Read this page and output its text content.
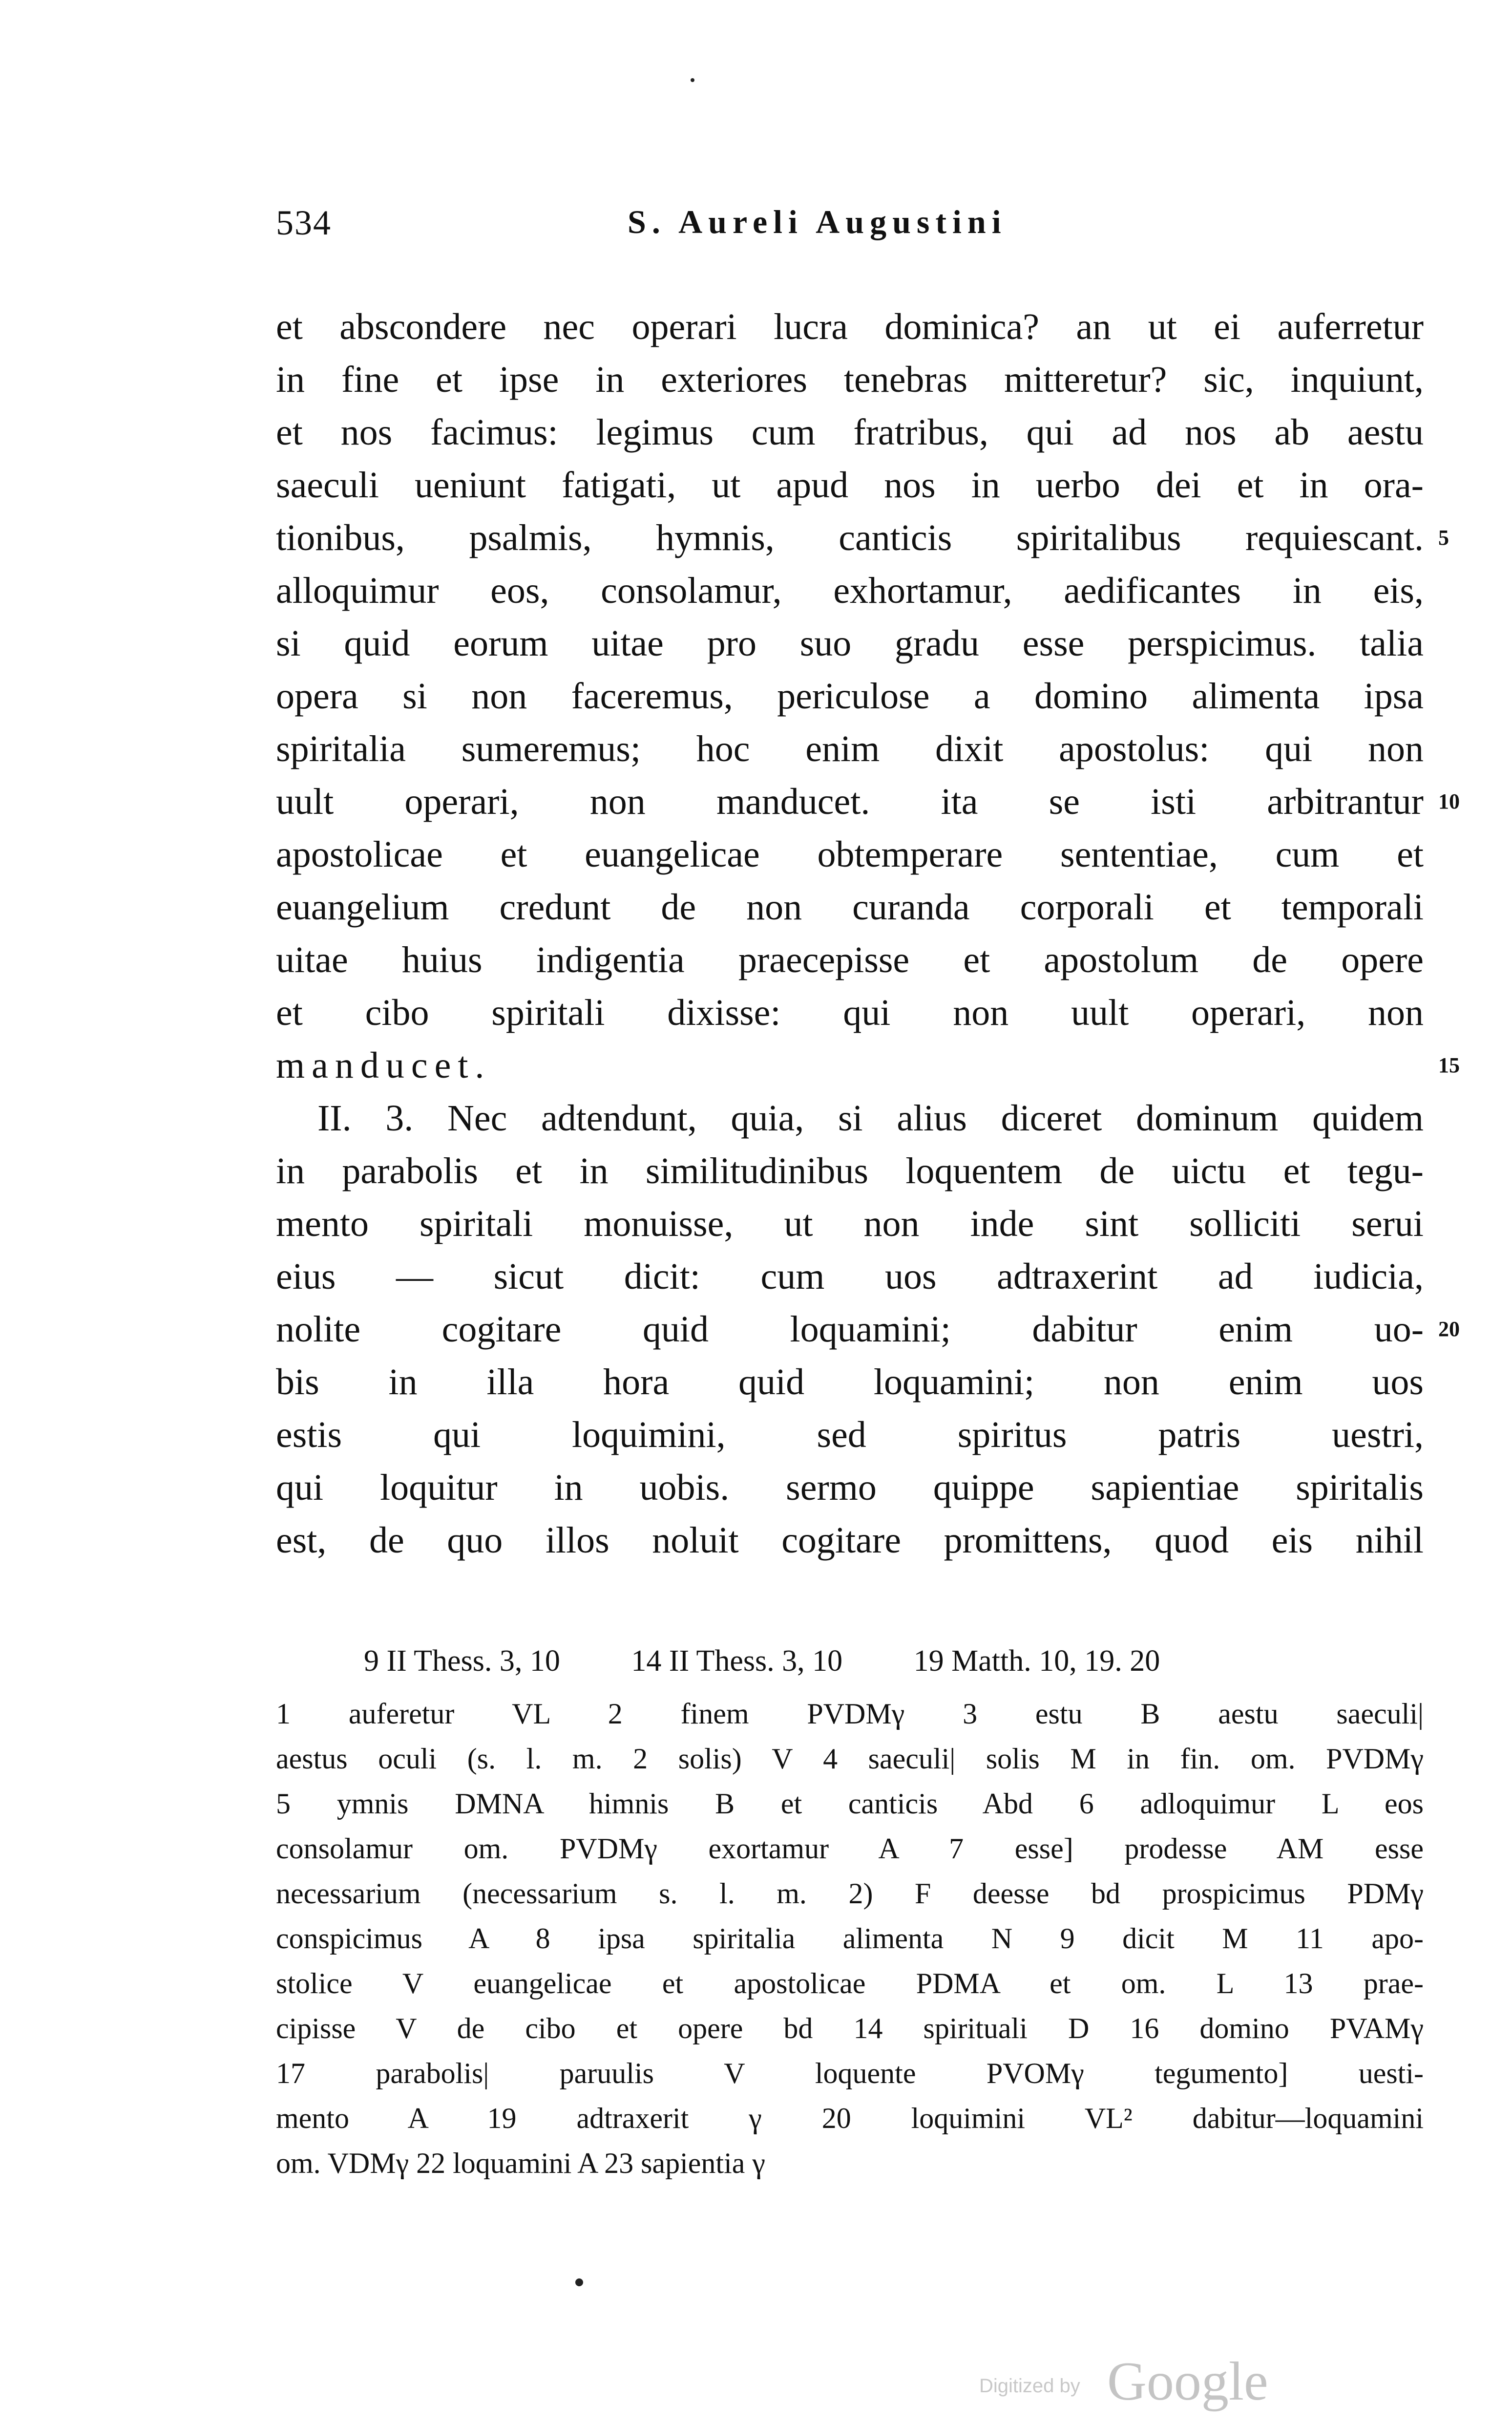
534	S. Aureli Augustini
et abscondere nec operari lucra dominica? an ut ei auferretur
in fine et ipse in exteriores tenebras mitteretur? sic, inquiunt,
et nos facimus: legimus cum fratribus, qui ad nos ab aestu
saeculi ueniunt fatigati, ut apud nos in uerbo dei et in ora-
tionibus, psalmis, hymnis, canticis spiritalibus requiescant.
alloquimur eos, consolamur, exhortamur, aedificantes in eis,
si quid eorum uitae pro suo gradu esse perspicimus. talia
opera si non faceremus, periculose a domino alimenta ipsa
spiritalia sumeremus; hoc enim dixit apostolus: qui non
uult operari, non manducet. ita se isti arbitrantur
apostolicae et euangelicae obtemperare sententiae, cum et
euangelium credunt de non curanda corporali et temporali
uitae huius indigentia praecepisse et apostolum de opere
et cibo spiritali dixisse: qui non uult operari, non
manducet.
II. 3. Nec adtendunt, quia, si alius diceret dominum quidem
in parabolis et in similitudinibus loquentem de uictu et tegu-
mento spiritali monuisse, ut non inde sint solliciti serui
eius — sicut dicit: cum uos adtraxerint ad iudicia,
nolite cogitare quid loquamini; dabitur enim uo-
bis in illa hora quid loquamini; non enim uos
estis qui loquimini, sed spiritus patris uestri,
qui loquitur in uobis. sermo quippe sapientiae spiritalis
est, de quo illos noluit cogitare promittens, quod eis nihil
5
10
15
20
9 II Thess. 3, 10 14 II Thess. 3, 10 19 Matth. 10, 19. 20
1 auferetur VL 2 finem PVDMγ 3 estu B aestu saeculi|
aestus oculi (s. l. m. 2 solis) V 4 saeculi| solis M in fin. om. PVDMγ
5 ymnis DMNA himnis B et canticis Abd 6 adloquimur L eos
consolamur om. PVDMγ exortamur A 7 esse] prodesse AM esse
necessarium (necessarium s. l. m. 2) F deesse bd prospicimus PDMγ
conspicimus A 8 ipsa spiritalia alimenta N 9 dicit M 11 apo-
stolice V euangelicae et apostolicae PDMA et om. L 13 prae-
cipisse V de cibo et opere bd 14 spirituali D 16 domino PVAMγ
17 parabolis| paruulis V loquente PVOMγ tegumento] uesti-
mento A 19 adtraxerit γ 20 loquimini VL² dabitur—loquamini
om. VDMγ 22 loquamini A 23 sapientia γ
Digitized by Google
